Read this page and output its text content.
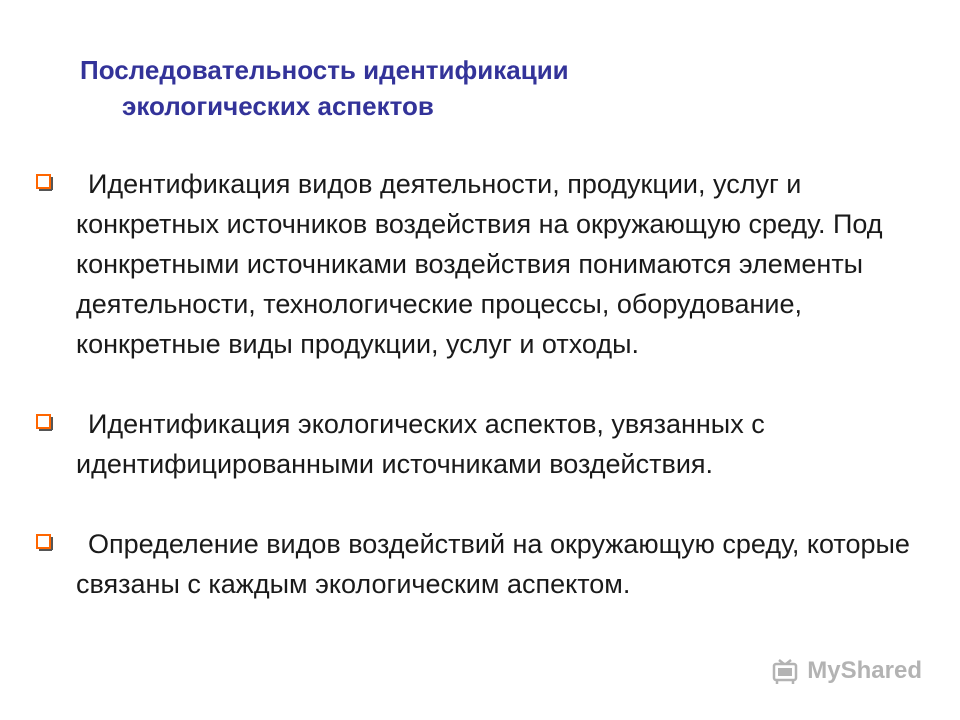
Последовательность идентификации
экологических аспектов
Идентификация видов деятельности, продукции, услуг и конкретных источников воздействия на окружающую среду. Под конкретными источниками воздействия понимаются элементы деятельности, технологические процессы, оборудование, конкретные виды продукции, услуг и отходы.
Идентификация экологических аспектов, увязанных с идентифицированными источниками воздействия.
Определение видов воздействий на окружающую среду, которые связаны с каждым экологическим аспектом.
MyShared
